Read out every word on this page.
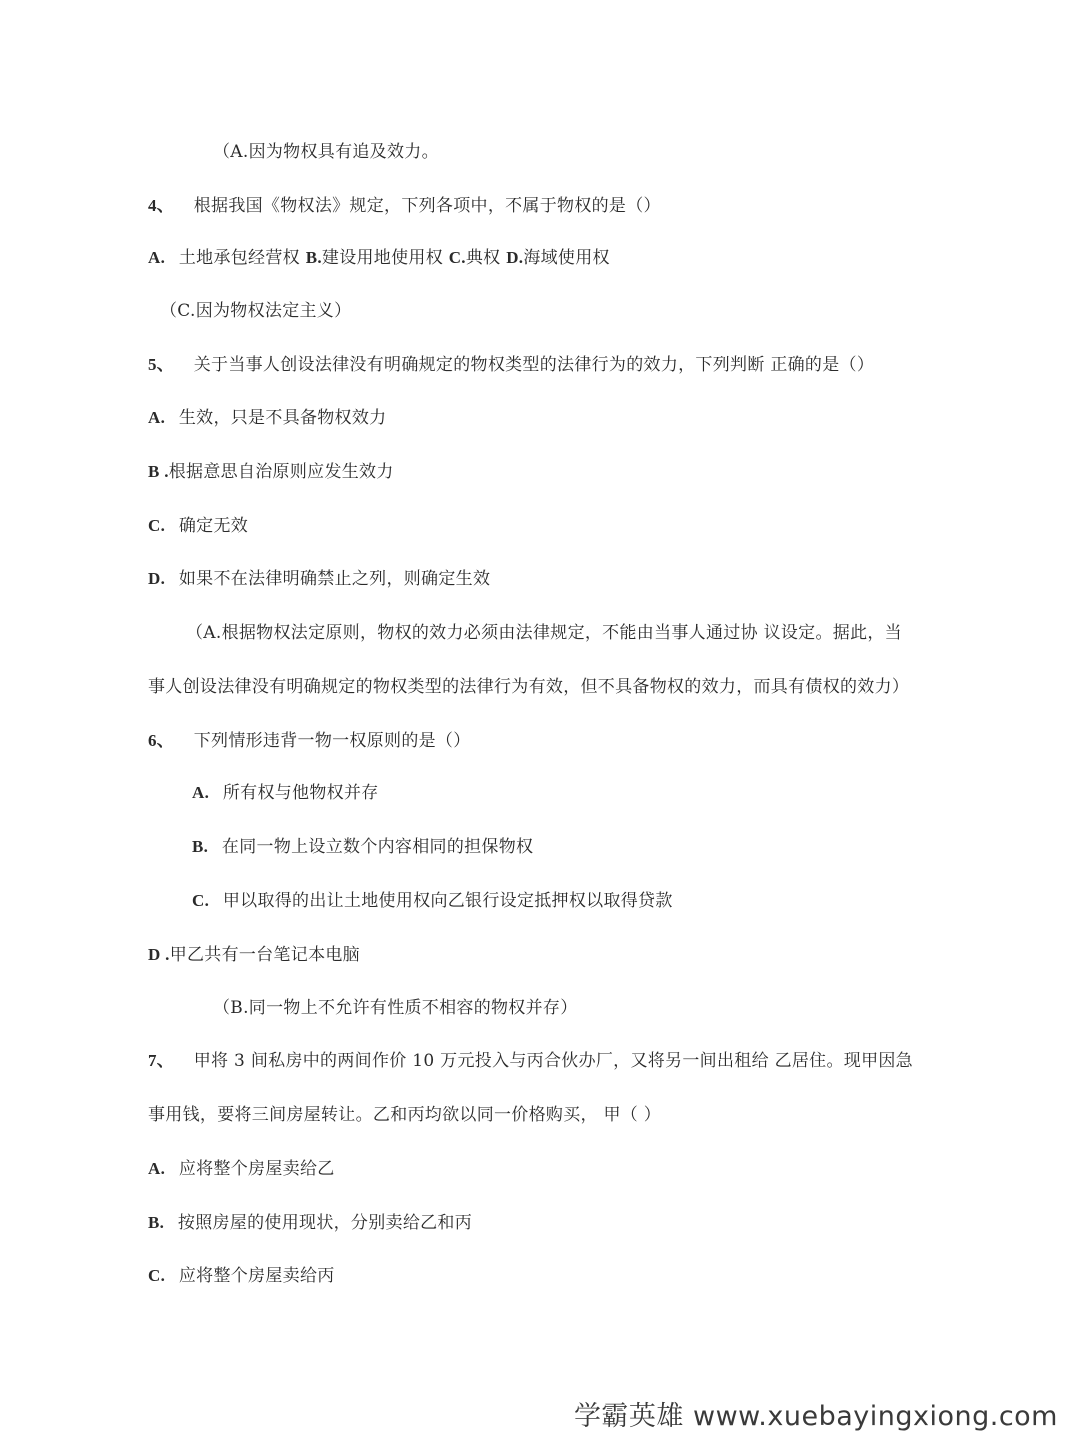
（A.因为物权具有追及效力。
4、 根据我国《物权法》规定，下列各项中，不属于物权的是（）
A. 土地承包经营权 B.建设用地使用权 C.典权 D.海域使用权
（C.因为物权法定主义）
5、 关于当事人创设法律没有明确规定的物权类型的法律行为的效力，下列判断 正确的是（）
A. 生效，只是不具备物权效力
B .根据意思自治原则应发生效力
C. 确定无效
D. 如果不在法律明确禁止之列，则确定生效
（A.根据物权法定原则，物权的效力必须由法律规定，不能由当事人通过协 议设定。据此，当
事人创设法律没有明确规定的物权类型的法律行为有效，但不具备物权的效力，而具有债权的效力）
6、 下列情形违背一物一权原则的是（）
A. 所有权与他物权并存
B. 在同一物上设立数个内容相同的担保物权
C. 甲以取得的出让土地使用权向乙银行设定抵押权以取得贷款
D .甲乙共有一台笔记本电脑
（B.同一物上不允许有性质不相容的物权并存）
7、 甲将 3 间私房中的两间作价 10 万元投入与丙合伙办厂，又将另一间出租给 乙居住。现甲因急
事用钱，要将三间房屋转让。乙和丙均欲以同一价格购买， 甲（ ）
A. 应将整个房屋卖给乙
B. 按照房屋的使用现状，分别卖给乙和丙
C. 应将整个房屋卖给丙
学霸英雄 www.xuebayingxiong.com
